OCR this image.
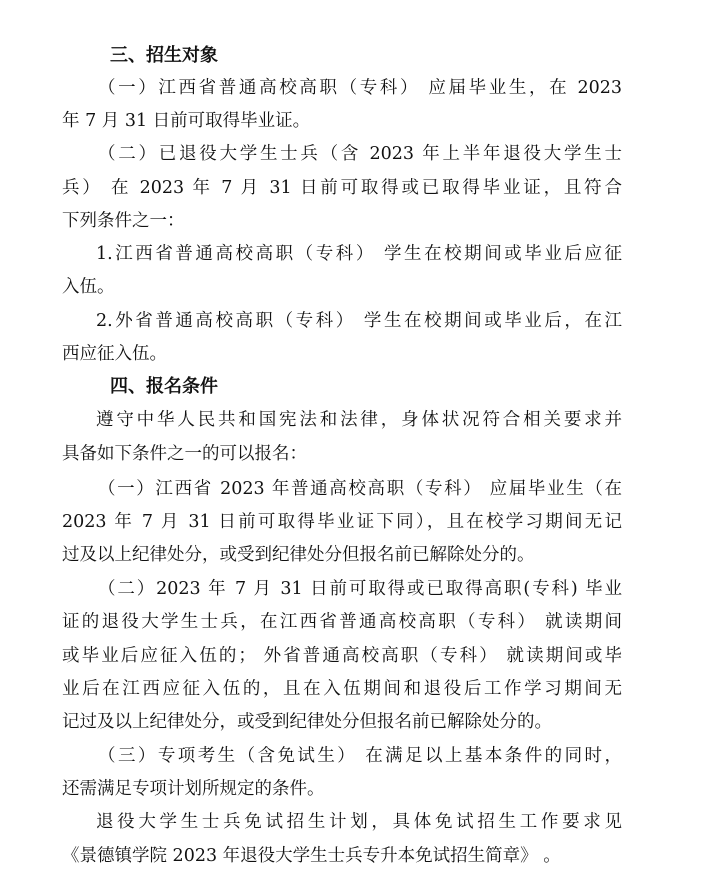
三、招生对象
（一）江西省普通高校高职（专科） 应届毕业生，在 2023
年 7 月 31 日前可取得毕业证。
（二）已退役大学生士兵（含 2023 年上半年退役大学生士
兵） 在 2023 年 7 月 31 日前可取得或已取得毕业证，且符合
下列条件之一：
1.江西省普通高校高职（专科） 学生在校期间或毕业后应征
入伍。
2.外省普通高校高职（专科） 学生在校期间或毕业后，在江
西应征入伍。
四、报名条件
遵守中华人民共和国宪法和法律，身体状况符合相关要求并
具备如下条件之一的可以报名：
（一）江西省 2023 年普通高校高职（专科） 应届毕业生（在
2023 年 7 月 31 日前可取得毕业证下同），且在校学习期间无记
过及以上纪律处分，或受到纪律处分但报名前已解除处分的。
（二）2023 年 7 月 31 日前可取得或已取得高职(专科) 毕业
证的退役大学生士兵，在江西省普通高校高职（专科） 就读期间
或毕业后应征入伍的； 外省普通高校高职（专科） 就读期间或毕
业后在江西应征入伍的，且在入伍期间和退役后工作学习期间无
记过及以上纪律处分，或受到纪律处分但报名前已解除处分的。
（三）专项考生（含免试生） 在满足以上基本条件的同时，
还需满足专项计划所规定的条件。
退役大学生士兵免试招生计划，具体免试招生工作要求见
《景德镇学院 2023 年退役大学生士兵专升本免试招生简章》 。
